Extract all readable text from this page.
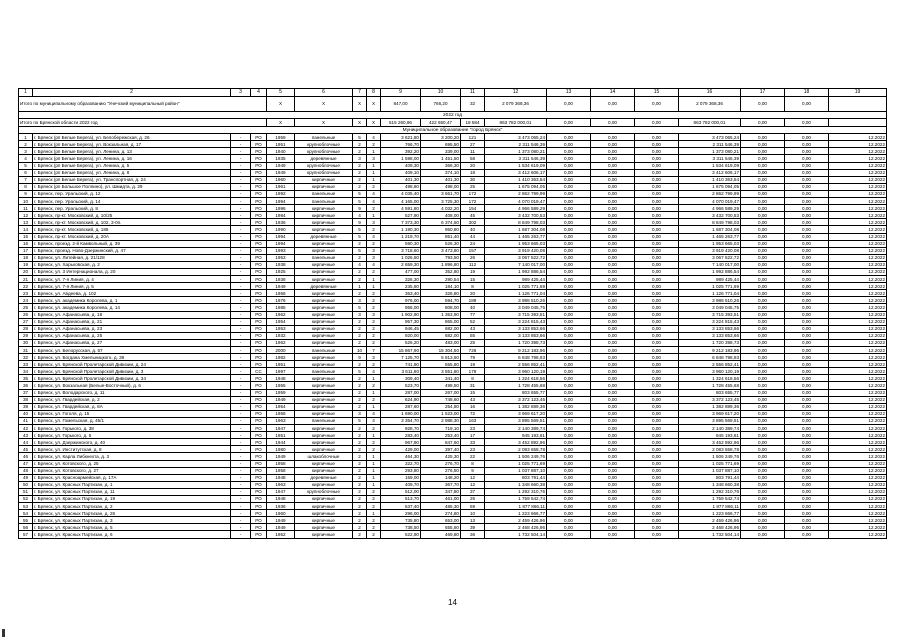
1	2	3	4	5	6	7	8	9	10	11	12	13	14	15	16	17	18	19
Итого по муниципальному образованию "Унечский муниципальный район"				X	X	X	X	847,00	766,20	32	2 079 368,36	0,00	0,00	0,00	2 079 368,36	0,00	0,00	
2022 год																		
Итого по Брянской области 2022 год				X	X	X	X	515 260,96	422 650,47	18 584	863 782 000,01	0,00	0,00	0,00	863 782 000,01	0,00	0,00	
Муниципальное образование "город Брянск"																		
1	г. Брянск (рп Белые Берега), ул. Белобережская, д. 26	-	РО	1959	панельные	5	4	3 621,80	3 200,20	121	3 473 065,24	0,00	0,00	0,00	3 473 065,24	0,00	0,00	12.2022
2	г. Брянск (рп Белые Берега), ул. Вокзальная, д. 17	-	РО	1951	крупноблочные	2	2	766,70	695,50	27	2 311 546,39	0,00	0,00	0,00	2 311 546,39	0,00	0,00	12.2022
3	г. Брянск (рп Белые Берега), ул. Ленина, д. 13	-	РО	1940	крупноблочные	2	1	392,20	339,00	11	1 373 080,21	0,00	0,00	0,00	1 373 080,21	0,00	0,00	12.2022
4	г. Брянск (рп Белые Берега), ул. Ленина, д. 16	-	РО	1935	деревянные	3	3	1 598,00	1 451,50	58	3 311 546,39	0,00	0,00	0,00	3 311 546,39	0,00	0,00	12.2022
5	г. Брянск (рп Белые Берега), ул. Ленина, д. 5	-	РО	1949	крупноблочные	2	1	409,30	366,30	20	1 534 619,09	0,00	0,00	0,00	1 534 619,09	0,00	0,00	12.2022
6	г. Брянск (рп Белые Берега), ул. Ленина, д. 8	-	РО	1949	крупноблочные	2	1	409,10	374,10	18	3 412 606,17	0,00	0,00	0,00	3 412 606,17	0,00	0,00	12.2022
7	г. Брянск (рп Белые Берега), ул. Транспортная, д. 24	-	РО	1960	кирпичные	2	1	401,30	401,30	30	1 410 363,54	0,00	0,00	0,00	1 410 363,54	0,00	0,00	12.2022
8	г. Брянск (рп Большое Полпино), ул. Шмидта, д. 29	-	РО	1961	кирпичные	2	2	498,80	498,00	25	1 675 094,05	0,00	0,00	0,00	1 675 094,05	0,00	0,00	12.2022
9	г. Брянск, пер. Уральский, д. 12	-	РО	1992	панельные	5	4	4 035,40	3 661,70	172	2 862 799,99	0,00	0,00	0,00	2 862 799,99	0,00	0,00	12.2022
10	г. Брянск, пер. Уральский, д. 14	-	РО	1994	панельные	5	4	4 165,00	3 725,30	172	4 070 019,47	0,00	0,00	0,00	4 070 019,47	0,00	0,00	12.2022
11	г. Брянск, пер. Уральский, д. 8	-	РО	1996	кирпичные	9	2	4 591,80	4 032,20	154	4 966 589,29	0,00	0,00	0,00	4 966 589,29	0,00	0,00	12.2022
12	г. Брянск, пр-кт. Московский, д. 10/25	-	РО	1984	кирпичные	4	1	527,90	408,00	45	3 432 700,53	0,00	0,00	0,00	3 432 700,53	0,00	0,00	12.2022
13	г. Брянск, пр-кт. Московский, д. 102, 3-0п.	-	РО	1936	кирпичные	9	3	7 373,30	6 374,50	302	8 849 798,03	0,00	0,00	0,00	8 849 798,03	0,00	0,00	12.2022
14	г. Брянск, пр-кт. Московский, д. 185	-	РО	1990	кирпичные	5	2	1 190,30	950,80	40	1 687 304,08	0,00	0,00	0,00	1 687 304,08	0,00	0,00	12.2022
15	г. Брянск, пр-кт. Московский, д. 20А	-	РО	1994	деревянные	5	4	1 219,70	851,40	44	1 465 263,77	0,00	0,00	0,00	1 465 263,77	0,00	0,00	12.2022
16	г. Брянск, проезд. 2-й Камвольный, д. 39	-	РО	1994	кирпичные	2	2	590,30	526,30	24	1 953 665,03	0,00	0,00	0,00	1 953 665,03	0,00	0,00	12.2022
17	г. Брянск, проезд. Ново-Дзержинский, д. 47	-	РО	1993	кирпичные	5	3	3 718,60	3 473,80	157	3 919 420,08	0,00	0,00	0,00	3 919 420,08	0,00	0,00	12.2022
18	г. Брянск, ул. Литейная, д. 21/128	-	РО	1953	панельные	2	3	1 026,50	793,50	26	3 067 522,72	0,00	0,00	0,00	3 067 522,72	0,00	0,00	12.2022
19	г. Брянск, ул. Харьковская, д. 2	-	РО	1938	кирпичные	4	4	2 659,30	1 896,80	112	7 140 017,00	0,00	0,00	0,00	7 140 017,00	0,00	0,00	12.2022
20	г. Брянск, ул. 3 Интернационала, д. 20	-	РО	1925	кирпичные	2	2	477,00	352,80	19	1 992 886,54	0,00	0,00	0,00	1 992 886,54	0,00	0,00	12.2022
21	г. Брянск, ул. 7-я Линия, д. 4	-	РО	1938	кирпичные	2	1	326,30	290,54	15	989 425,44	0,00	0,00	0,00	989 425,44	0,00	0,00	12.2022
22	г. Брянск, ул. 7-я Линия, д. 5	-	РО	1949	деревянные	1	1	235,80	184,10	8	1 025 771,69	0,00	0,00	0,00	1 025 771,69	0,00	0,00	12.2022
23	г. Брянск, ул. Авдеева, д. 102	-	РО	1958	кирпичные	2	2	353,40	326,80	20	1 126 771,04	0,00	0,00	0,00	1 126 771,04	0,00	0,00	12.2022
24	г. Брянск, ул. академика Королева, д. 1	-	РО	1976	кирпичные	3	2	976,00	594,70	189	3 988 510,26	0,00	0,00	0,00	3 988 510,26	0,00	0,00	12.2022
25	г. Брянск, ул. академика Королева, д. 14	-	РО	1985	кирпичные	5	2	956,00	808,00	40	3 049 045,75	0,00	0,00	0,00	3 049 045,75	0,00	0,00	12.2022
26	г. Брянск, ул. Афанасьева, д. 18	-	РО	1962	кирпичные	3	3	1 902,90	1 353,90	77	3 715 393,51	0,00	0,00	0,00	3 715 393,51	0,00	0,00	12.2022
27	г. Брянск, ул. Афанасьева, д. 21	-	РО	1954	кирпичные	2	2	957,30	865,00	52	3 224 815,43	0,00	0,00	0,00	3 224 815,43	0,00	0,00	12.2022
28	г. Брянск, ул. Афанасьева, д. 23	-	РО	1953	кирпичные	2	2	946,45	682,00	43	3 133 853,66	0,00	0,00	0,00	3 133 853,66	0,00	0,00	12.2022
29	г. Брянск, ул. Афанасьева, д. 25	-	РО	1932	кирпичные	2	2	920,00	682,00	55	3 133 853,66	0,00	0,00	0,00	3 133 853,66	0,00	0,00	12.2022
30	г. Брянск, ул. Афанасьева, д. 27	-	РО	1962	кирпичные	2	2	526,20	483,00	25	1 720 398,73	0,00	0,00	0,00	1 720 398,73	0,00	0,00	12.2022
31	г. Брянск, ул. Белорусская, д. 57	-	РО	2000	панельные	10	7	15 867,90	15 304,50	726	9 212 183,96	0,00	0,00	0,00	9 212 183,96	0,00	0,00	12.2022
32	г. Брянск, ул. Богдана Хмельницкого, д. 39	-	РО	1982	кирпичные	9	3	7 125,70	5 813,60	79	6 848 798,93	0,00	0,00	0,00	6 848 798,93	0,00	0,00	12.2022
33	г. Брянск, ул. Брянской Пролетарской Дивизии, д. 24	-	РО	1951	кирпичные	2	2	741,90	555,80	19	2 556 852,41	0,00	0,00	0,00	2 556 852,41	0,00	0,00	12.2022
34	г. Брянск, ул. Брянской Пролетарской Дивизии, д. 3	-	СС	1997	панельные	5	4	3 611,80	3 551,80	179	3 960 120,19	0,00	0,00	0,00	3 960 120,19	0,00	0,00	12.2022
35	г. Брянск, ул. Брянской Пролетарской Дивизии, д. 34	-	РО	1948	кирпичные	2	1	309,40	341,40	8	1 324 618,56	0,00	0,00	0,00	1 324 618,56	0,00	0,00	12.2022
36	г. Брянск, ул. Вокзальная (Белые-Восточный), д. 6	-	РО	1955	кирпичные	2	2	523,70	498,50	31	1 728 455,68	0,00	0,00	0,00	1 728 455,68	0,00	0,00	12.2022
37	г. Брянск, ул. Володарского, д. 11	-	РО	1959	кирпичные	2	1	287,00	267,00	15	803 655,77	0,00	0,00	0,00	803 655,77	0,00	0,00	12.2022
38	г. Брянск, ул. Гвардейская, д. 2	-	РО	1949	кирпичные	2	2	624,90	748,60	43	3 372 123,45	0,00	0,00	0,00	3 372 123,45	0,00	0,00	12.2022
39	г. Брянск, ул. Гвардейская, д. 8А	-	РО	1954	кирпичные	2	1	287,60	254,80	16	1 382 889,36	0,00	0,00	0,00	1 382 889,36	0,00	0,00	12.2022
40	г. Брянск, ул. Гоголя, д. 15	-	РО	1958	кирпичные	3	4	1 690,00	1 523,00	72	3 969 617,20	0,00	0,00	0,00	3 969 617,20	0,00	0,00	12.2022
41	г. Брянск, ул. Гомельская, д. 45/1	-	РО	1963	панельные	5	4	3 354,70	2 988,30	163	3 895 569,51	0,00	0,00	0,00	3 895 569,51	0,00	0,00	12.2022
42	г. Брянск, ул. Горького, д. 38	-	РО	1947	кирпичные	2	2	928,70	719,10	23	2 140 389,74	0,00	0,00	0,00	2 140 389,74	0,00	0,00	12.2022
43	г. Брянск, ул. Горького, д. 5	-	РО	1951	кирпичные	2	1	283,40	253,40	17	945 193,61	0,00	0,00	0,00	945 193,61	0,00	0,00	12.2022
44	г. Брянск, ул. Дзержинского, д. 40	-	РО	1944	кирпичные	2	2	967,90	847,60	33	3 452 892,96	0,00	0,00	0,00	3 452 892,96	0,00	0,00	12.2022
45	г. Брянск, ул. Институтская, д. 8	-	РО	1980	кирпичные	2	2	429,00	397,40	23	2 083 658,78	0,00	0,00	0,00	2 083 658,78	0,00	0,00	12.2022
46	г. Брянск, ул. Карла Либкнехта, д. 3	-	РО	1949	шлакоблочные	2	1	464,30	425,30	22	1 506 249,76	0,00	0,00	0,00	1 506 249,76	0,00	0,00	12.2022
47	г. Брянск, ул. Котовского, д. 25	-	РО	1958	кирпичные	2	1	322,70	276,70	8	1 025 771,69	0,00	0,00	0,00	1 025 771,69	0,00	0,00	12.2022
48	г. Брянск, ул. Котовского, д. 27	-	РО	1958	кирпичные	2	1	293,80	276,50	9	1 037 887,10	0,00	0,00	0,00	1 037 887,10	0,00	0,00	12.2022
49	г. Брянск, ул. Красноармейская, д. 17А	-	РО	1948	деревянные	2	1	159,00	148,20	12	803 791,44	0,00	0,00	0,00	803 791,44	0,00	0,00	12.2022
50	г. Брянск, ул. Красных Партизан, д. 1	-	РО	1963	кирпичные	2	1	409,70	367,70	12	1 348 660,38	0,00	0,00	0,00	1 348 660,38	0,00	0,00	12.2022
51	г. Брянск, ул. Красных Партизан, д. 11	-	РО	1947	крупноблочные	2	2	512,00	347,80	37	1 292 310,76	0,00	0,00	0,00	1 292 310,76	0,00	0,00	12.2022
52	г. Брянск, ул. Красных Партизан, д. 19	-	РО	1948	кирпичные	2	2	513,70	461,00	26	1 759 542,74	0,00	0,00	0,00	1 759 542,74	0,00	0,00	12.2022
53	г. Брянск, ул. Красных Партизан, д. 2	-	РО	1936	кирпичные	2	2	537,40	485,30	69	1 877 866,11	0,00	0,00	0,00	1 877 866,11	0,00	0,00	12.2022
54	г. Брянск, ул. Красных Партизан, д. 26	-	РО	1960	кирпичные	2	1	296,00	274,80	10	1 223 666,77	0,00	0,00	0,00	1 223 666,77	0,00	0,00	12.2022
55	г. Брянск, ул. Красных Партизан, д. 3	-	РО	1949	кирпичные	2	2	735,80	653,00	13	2 459 426,96	0,00	0,00	0,00	2 459 426,96	0,00	0,00	12.2022
56	г. Брянск, ул. Красных Партизан, д. 5	-	РО	1949	кирпичные	2	2	738,50	655,60	39	2 468 426,96	0,00	0,00	0,00	2 468 426,96	0,00	0,00	12.2022
57	г. Брянск, ул. Красных Партизан, д. 6	-	РО	1952	кирпичные	2	2	522,90	469,80	36	1 732 504,14	0,00	0,00	0,00	1 732 504,14	0,00	0,00	12.2022
14
